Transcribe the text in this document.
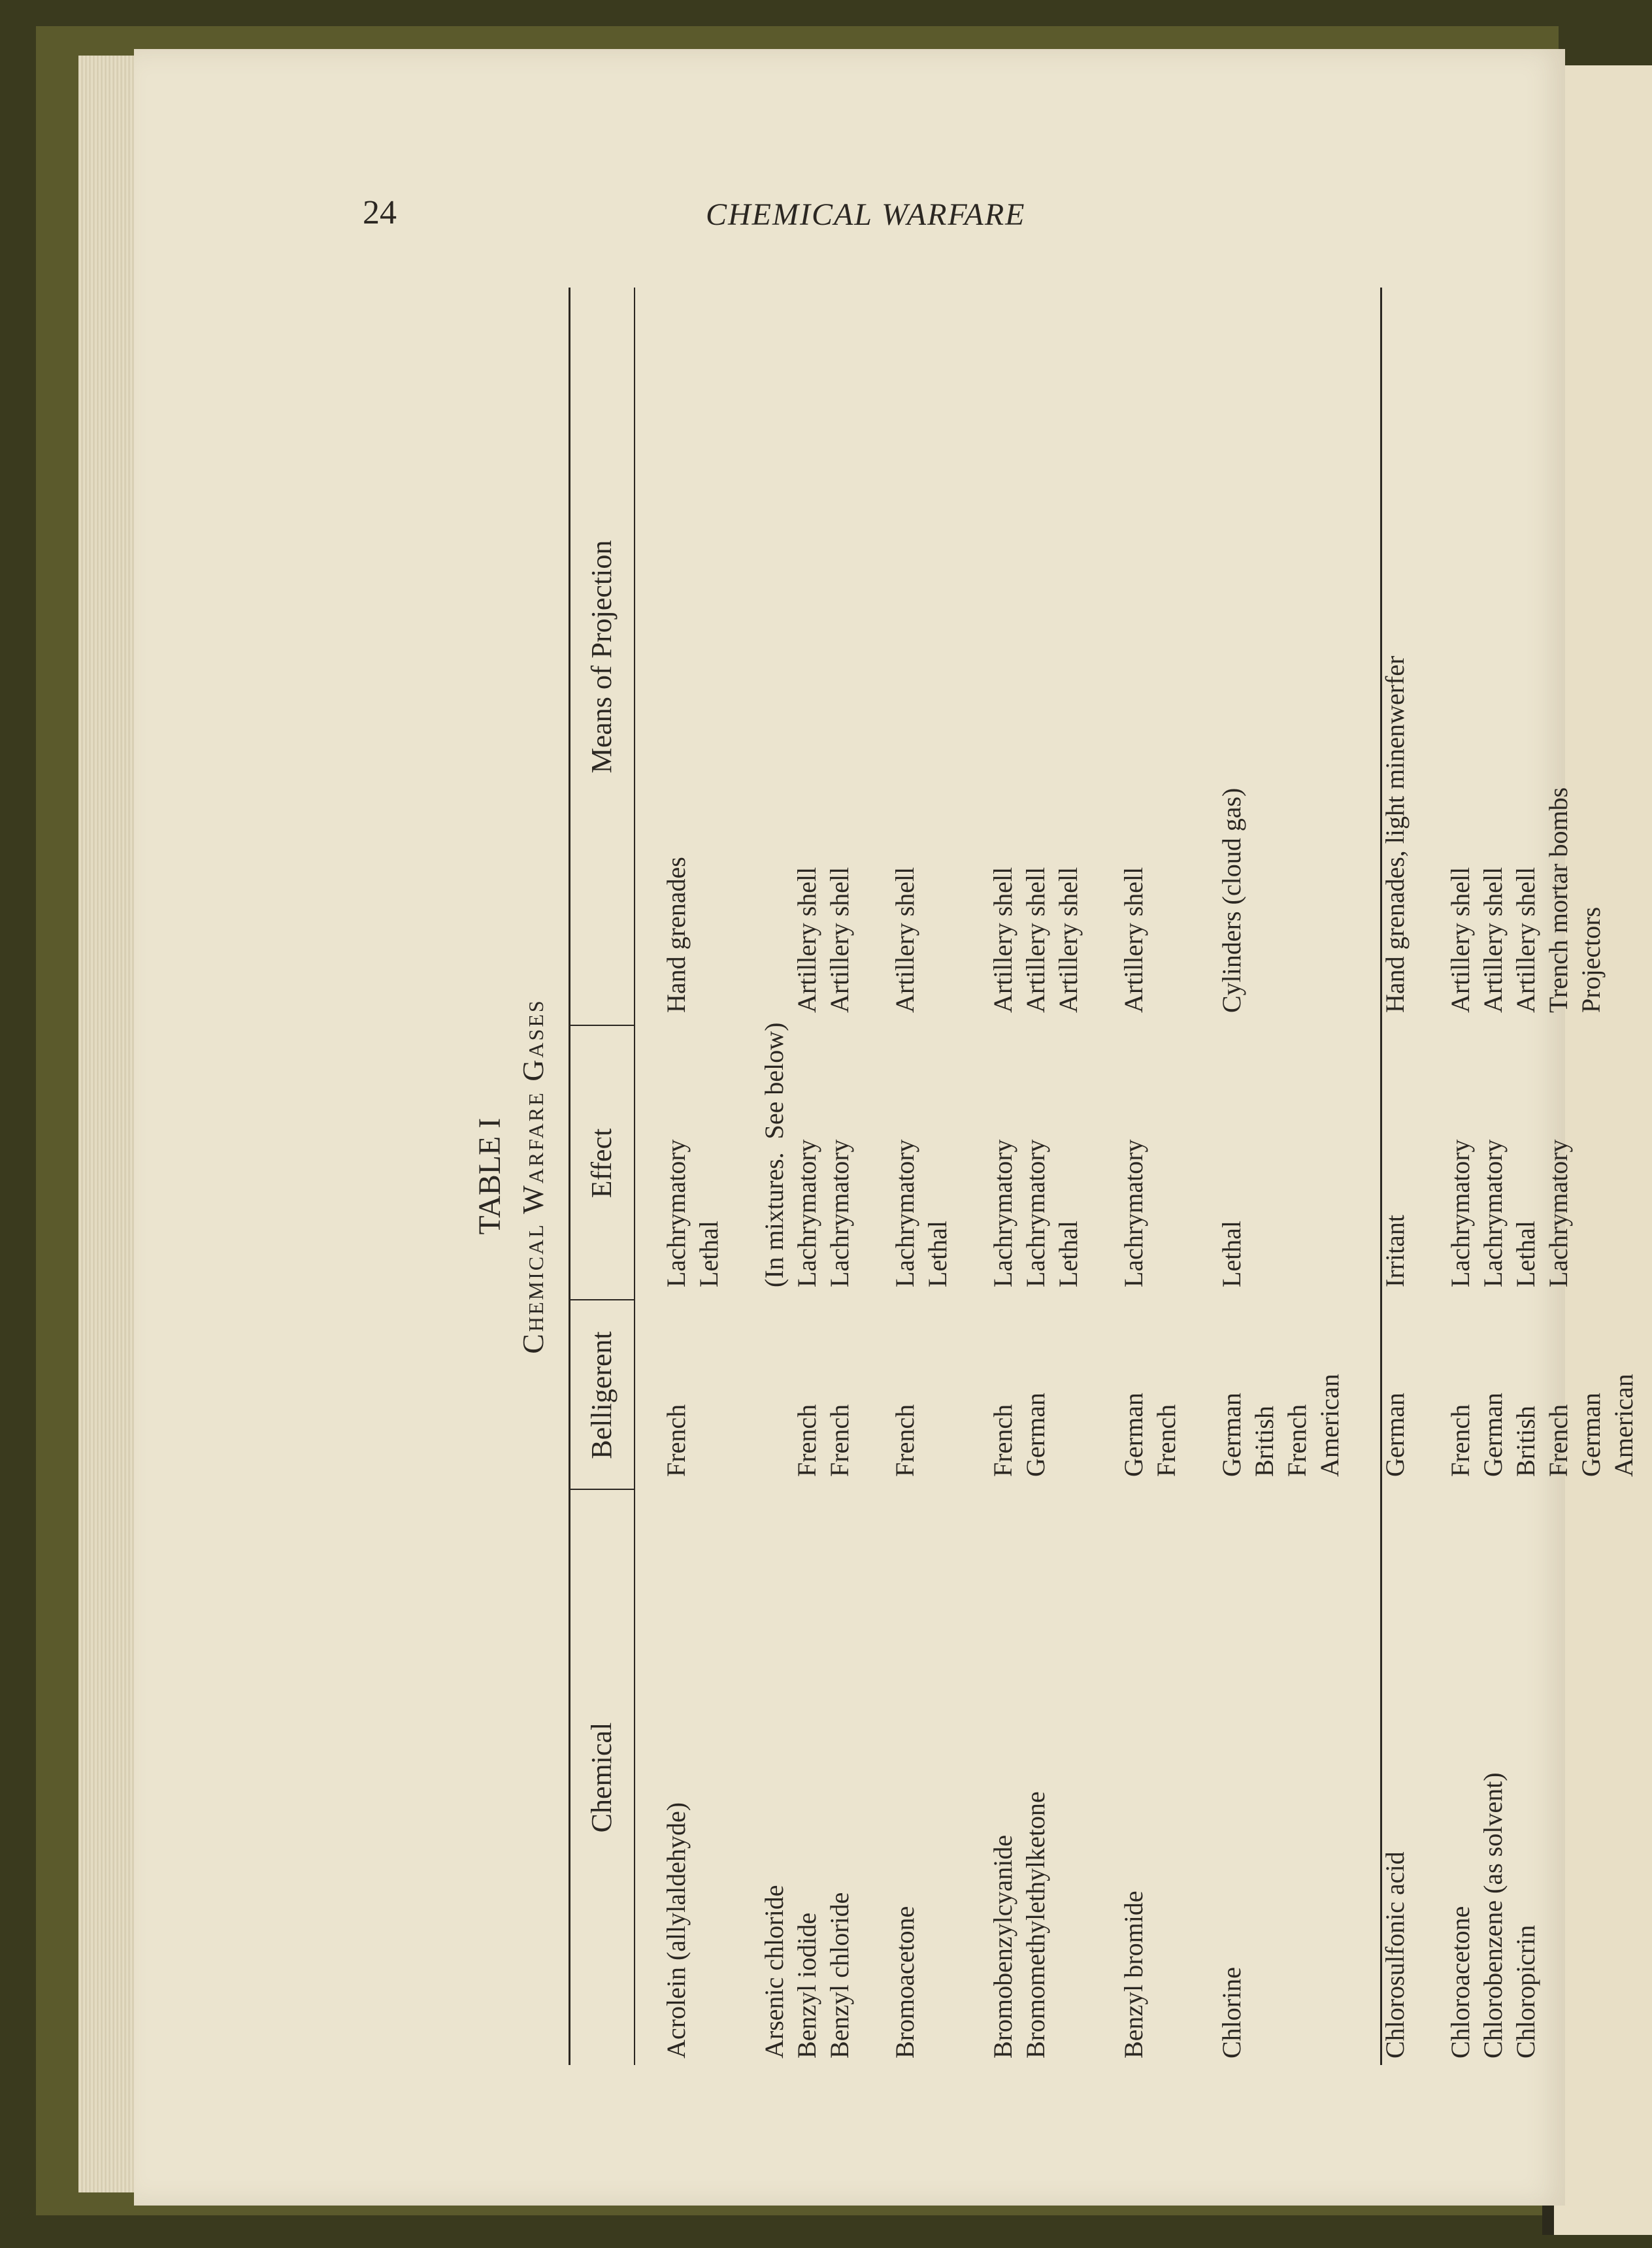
24	CHEMICAL WARFARE
TABLE I Chemical Warfare Gases
Chemical
Belligerent
Effect
Means of Projection
Acrolein (allylaldehyde)
French
Lachrymatory Lethal
Hand grenades
Arsenic chloride Benzyl iodide Benzyl chloride
French French
(In mixtures.  See below) Lachrymatory Lachrymatory
Artillery shell Artillery shell
Bromoacetone
French
Lachrymatory Lethal
Artillery shell
Bromobenzylcyanide Bromomethylethylketone
French German
Lachrymatory Lachrymatory Lethal
Artillery shell Artillery shell Artillery shell
Benzyl bromide
German French
Lachrymatory
Artillery shell
Chlorine
German British French American
Lethal
Cylinders (cloud gas)
Chlorosulfonic acid
German
Irritant
Hand grenades, light minenwerfer
Chloroacetone Chlorobenzene (as solvent) Chloropicrin
French German British French German American
Lachrymatory Lachrymatory Lethal Lachrymatory
Artillery shell Artillery shell Artillery shell Trench mortar bombs Projectors
